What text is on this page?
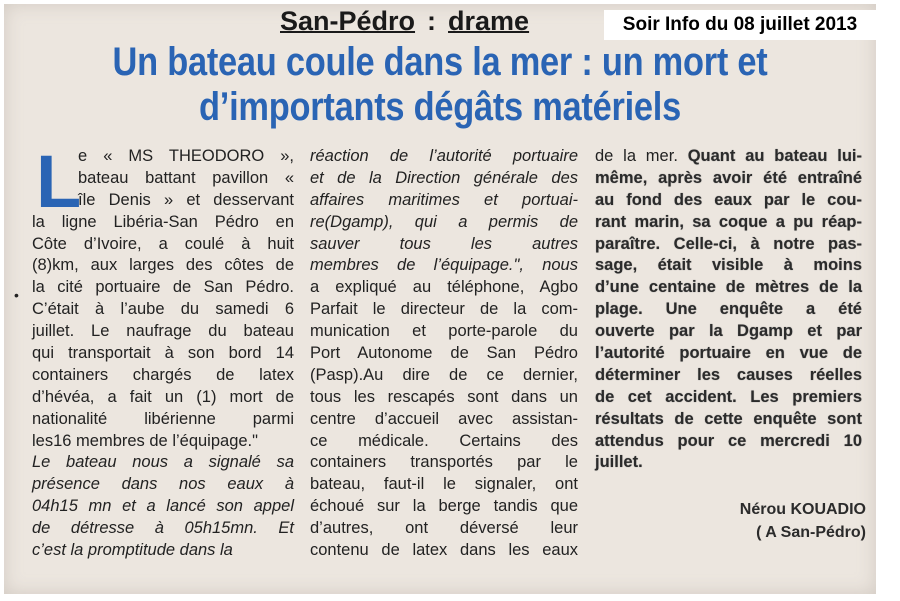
Soir Info du 08 juillet 2013
San-Pédro : drame
Un bateau coule dans la mer : un mort et
d’importants dégâts matériels
L
•
e « MS THEODORO »,
bateau battant pavillon «
île Denis » et desservant
la ligne Libéria-San Pédro en
Côte d’Ivoire, a coulé à huit
(8)km, aux larges des côtes de
la cité portuaire de San Pédro.
C’était à l’aube du samedi 6
juillet. Le naufrage du bateau
qui transportait à son bord 14
containers chargés de latex
d’hévéa, a fait un (1) mort de
nationalité libérienne parmi
les16 membres de l’équipage."
Le bateau nous a signalé sa
présence dans nos eaux à
04h15 mn et a lancé son appel
de détresse à 05h15mn. Et
c’est la promptitude dans la
réaction de l’autorité portuaire
et de la Direction générale des
affaires maritimes et portuai-
re(Dgamp), qui a permis de
sauver tous les autres
membres de l’équipage.", nous
a expliqué au téléphone, Agbo
Parfait le directeur de la com-
munication et porte-parole du
Port Autonome de San Pédro
(Pasp).Au dire de ce dernier,
tous les rescapés sont dans un
centre d’accueil avec assistan-
ce médicale. Certains des
containers transportés par le
bateau, faut-il le signaler, ont
échoué sur la berge tandis que
d’autres, ont déversé leur
contenu de latex dans les eaux
de la mer. Quant au bateau lui-
même, après avoir été entraîné
au fond des eaux par le cou-
rant marin, sa coque a pu réap-
paraître. Celle-ci, à notre pas-
sage, était visible à moins
d’une centaine de mètres de la
plage. Une enquête a été
ouverte par la Dgamp et par
l’autorité portuaire en vue de
déterminer les causes réelles
de cet accident. Les premiers
résultats de cette enquête sont
attendus pour ce mercredi 10
juillet.
Nérou KOUADIO
( A San-Pédro)
